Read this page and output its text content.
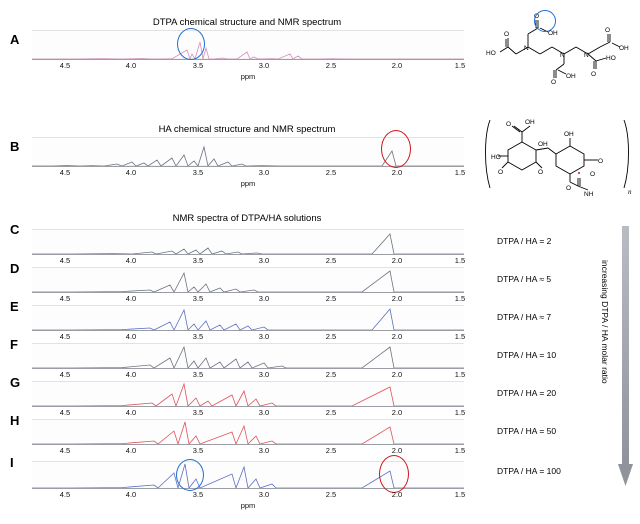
A
DTPA chemical structure and NMR spectrum
4.5	4.0	3.5	3.0	2.5	2.0	1.5
ppm
HO
O
O
OH
N
N	N
O
OH
HO
O
O
OH
B
HA chemical structure and NMR spectrum
4.5	4.0	3.5	3.0	2.5	2.0	1.5
ppm
OH
O
HO
OH
OH
O	O
O
O
NH
O
n
C
NMR spectra of DTPA/HA solutions
4.5	4.0	3.5	3.0	2.5	2.0	1.5
DTPA / HA = 2
D
4.5	4.0	3.5	3.0	2.5	2.0	1.5
DTPA / HA ≈ 5
E
4.5	4.0	3.5	3.0	2.5	2.0	1.5
DTPA / HA ≈ 7
F
4.5	4.0	3.5	3.0	2.5	2.0	1.5
DTPA / HA = 10
G
4.5	4.0	3.5	3.0	2.5	2.0	1.5
DTPA / HA = 20
H
4.5	4.0	3.5	3.0	2.5	2.0	1.5
DTPA / HA = 50
I
4.5	4.0	3.5	3.0	2.5	2.0	1.5
ppm
DTPA / HA = 100
increasing DTPA / HA molar ratio
